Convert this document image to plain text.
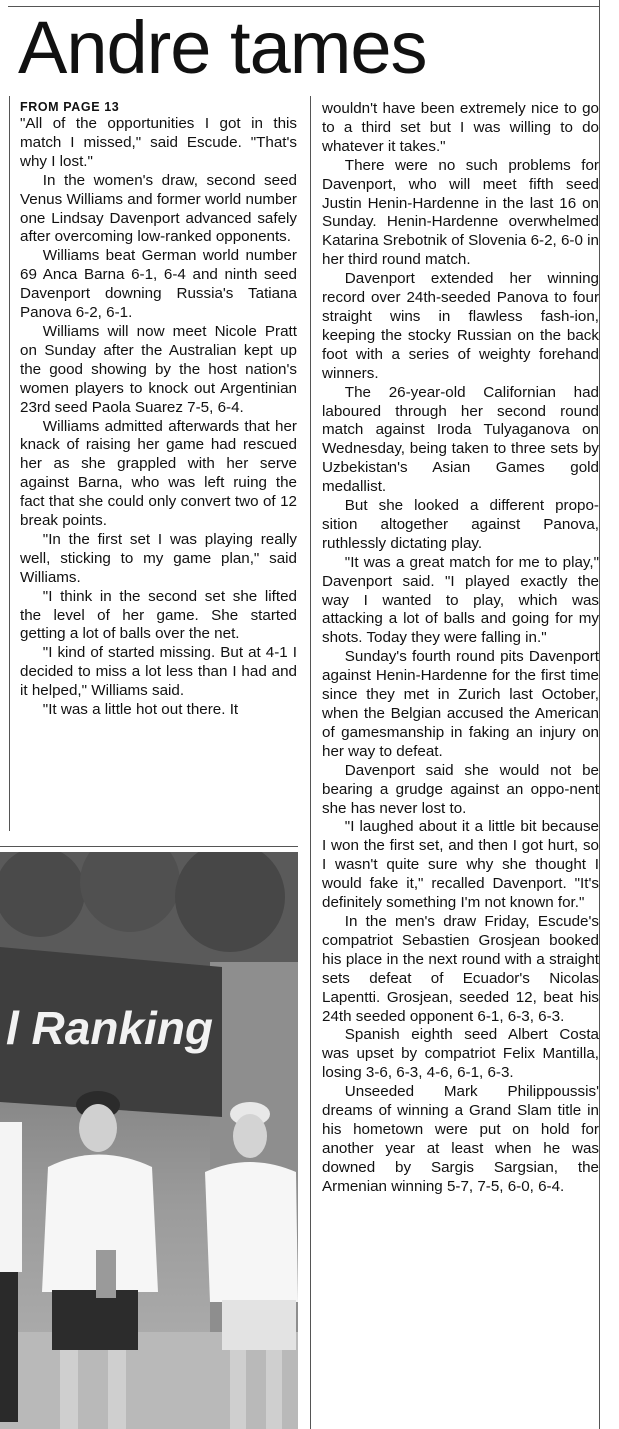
Andre tames
FROM PAGE 13

"All of the opportunities I got in this match I missed," said Escude. "That's why I lost."

In the women's draw, second seed Venus Williams and former world number one Lindsay Davenport advanced safely after overcoming low-ranked opponents.

Williams beat German world number 69 Anca Barna 6-1, 6-4 and ninth seed Davenport downing Russia's Tatiana Panova 6-2, 6-1.

Williams will now meet Nicole Pratt on Sunday after the Australian kept up the good showing by the host nation's women players to knock out Argentinian 23rd seed Paola Suarez 7-5, 6-4.

Williams admitted afterwards that her knack of raising her game had rescued her as she grappled with her serve against Barna, who was left ruing the fact that she could only convert two of 12 break points.

"In the first set I was playing really well, sticking to my game plan," said Williams.

"I think in the second set she lifted the level of her game. She started getting a lot of balls over the net.

"I kind of started missing. But at 4-1 I decided to miss a lot less than I had and it helped," Williams said.

"It was a little hot out there. It

wouldn't have been extremely nice to go to a third set but I was willing to do whatever it takes."

There were no such problems for Davenport, who will meet fifth seed Justin Henin-Hardenne in the last 16 on Sunday. Henin-Hardenne overwhelmed Katarina Srebotnik of Slovenia 6-2, 6-0 in her third round match.

Davenport extended her winning record over 24th-seeded Panova to four straight wins in flawless fash-ion, keeping the stocky Russian on the back foot with a series of weighty forehand winners.

The 26-year-old Californian had laboured through her second round match against Iroda Tulyaganova on Wednesday, being taken to three sets by Uzbekistan's Asian Games gold medallist.

But she looked a different propo-sition altogether against Panova, ruthlessly dictating play.

"It was a great match for me to play," Davenport said. "I played exactly the way I wanted to play, which was attacking a lot of balls and going for my shots. Today they were falling in."

Sunday's fourth round pits Davenport against Henin-Hardenne for the first time since they met in Zurich last October, when the Belgian accused the American of gamesmanship in faking an injury on her way to defeat.

Davenport said she would not be bearing a grudge against an oppo-nent she has never lost to.

"I laughed about it a little bit because I won the first set, and then I got hurt, so I wasn't quite sure why she thought I would fake it," recalled Davenport. "It's definitely something I'm not known for."

In the men's draw Friday, Escude's compatriot Sebastien Grosjean booked his place in the next round with a straight sets defeat of Ecuador's Nicolas Lapentti. Grosjean, seeded 12, beat his 24th seeded opponent 6-1, 6-3, 6-3.

Spanish eighth seed Albert Costa was upset by compatriot Felix Mantilla, losing 3-6, 6-3, 4-6, 6-1, 6-3.

Unseeded Mark Philippoussis' dreams of winning a Grand Slam title in his hometown were put on hold for another year at least when he was downed by Sargis Sargsian, the Armenian winning 5-7, 7-5, 6-0, 6-4.

l Ranking
